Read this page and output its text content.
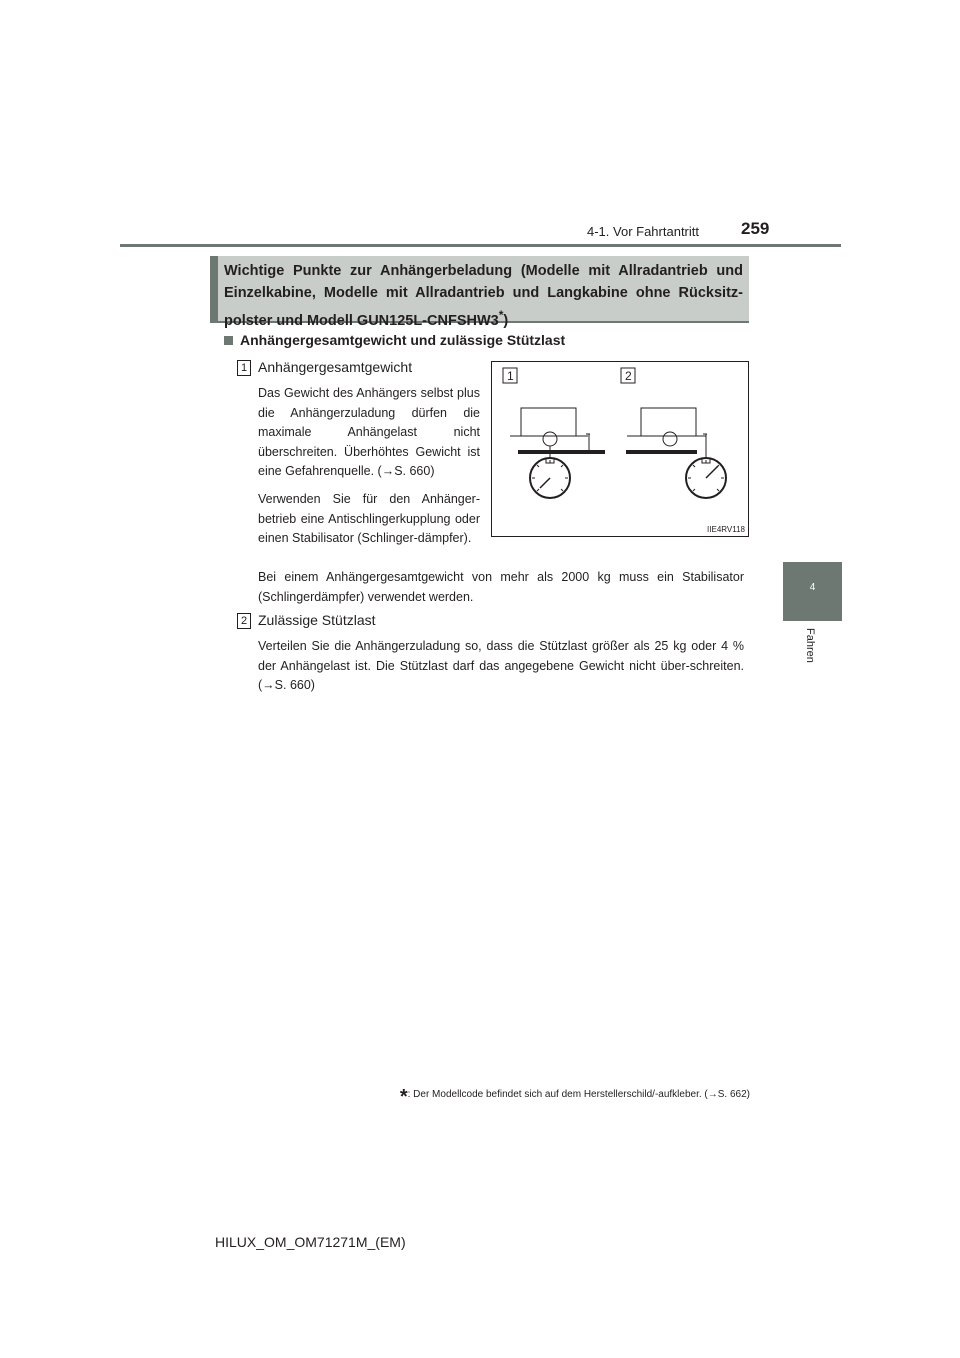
4-1. Vor Fahrtantritt 259
4
Fahren

Wichtige Punkte zur Anhängerbeladung (Modelle mit Allradantrieb und Einzelkabine, Modelle mit Allradantrieb und Langkabine ohne Rücksitz-polster und Modell GUN125L-CNFSHW3*)

Anhängergesamtgewicht und zulässige Stützlast
1 Anhängergesamtgewicht
Das Gewicht des Anhängers selbst plus die Anhängerzuladung dürfen die maximale Anhängelast nicht überschreiten. Überhöhtes Gewicht ist eine Gefahrenquelle. (→S. 660)
Verwenden Sie für den Anhänger-betrieb eine Antischlingerkupplung oder einen Stabilisator (Schlinger-dämpfer).
Bei einem Anhängergesamtgewicht von mehr als 2000 kg muss ein Stabilisator (Schlingerdämpfer) verwendet werden.
2 Zulässige Stützlast
Verteilen Sie die Anhängerzuladung so, dass die Stützlast größer als 25 kg oder 4 % der Anhängelast ist. Die Stützlast darf das angegebene Gewicht nicht über-schreiten. (→S. 660)
1	2
IIE4RV118
*: Der Modellcode befindet sich auf dem Herstellerschild/-aufkleber. (→S. 662)
HILUX_OM_OM71271M_(EM)
